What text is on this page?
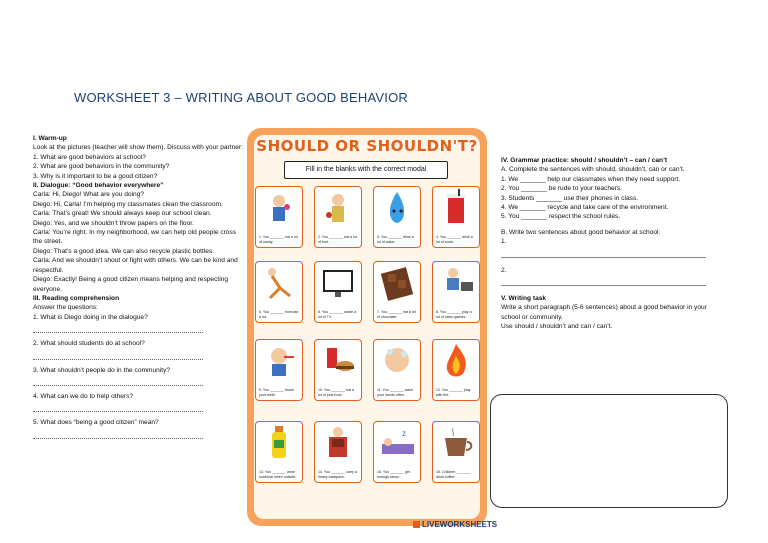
WORKSHEET 3 – WRITING ABOUT GOOD BEHAVIOR

I. Warm-up

Look at the pictures (teacher will show them). Discuss with your partner:

1. What are good behaviors at school?

2. What are good behaviors in the community?

3. Why is it important to be a good citizen?

II. Dialogue: “Good behavior everywhere”

Carla: Hi, Diego! What are you doing?

Diego: Hi, Carla! I’m helping my classmates clean the classroom.

Carla: That’s great! We should always keep our school clean.

Diego: Yes, and we shouldn’t throw papers on the floor.

Carla: You’re right. In my neighborhood, we can help old people cross the street.

Diego: That’s a good idea. We can also recycle plastic bottles.

Carla: And we shouldn’t shout or fight with others. We can be kind and respectful.

Diego: Exactly! Being a good citizen means helping and respecting everyone.

III. Reading comprehension

Answer the questions:

1. What is Diego doing in the dialogue?

2. What should students do at school?

3. What shouldn’t people do in the community?

4. What can we do to help others?

5. What does “being a good citizen” mean?

SHOULD OR SHOULDN'T?
Fill in the blanks with the correct modal
1. You _______ eat a lot of candy.
2. You _______ eat a lot of fruit.
3. You _______ drink a lot of water.
4. You _______ drink a lot of soda.
5. You _______ exercise a lot.
6. You _______ watch a lot of TV.
7. You _______ eat a lot of chocolate.
8. You _______ play a lot of video games.
9. You _______ brush your teeth.
10. You _______ eat a lot of junk food.
11. You _______ wash your hands often.
12. You _______ play with fire.
13. You _______ wear sunblock when outside.
14. You _______ carry a heavy backpack.
z
15. You _______ get enough sleep.
16. Children _______ drink coffee.

IV. Grammar practice: should / shouldn’t – can / can’t

A. Complete the sentences with should, shouldn’t, can or can’t.

1. We _______ help our classmates when they need support.

2. You _______ be rude to your teachers.

3. Students _______ use their phones in class.

4. We _______ recycle and take care of the environment.

5. You _______ respect the school rules.

B. Write two sentences about good behavior at school:

1.

2.

V. Writing task

Write a short paragraph (5-6 sentences) about a good behavior in your school or community.

Use should / shouldn’t and can / can’t.

LIVEWORKSHEETS
